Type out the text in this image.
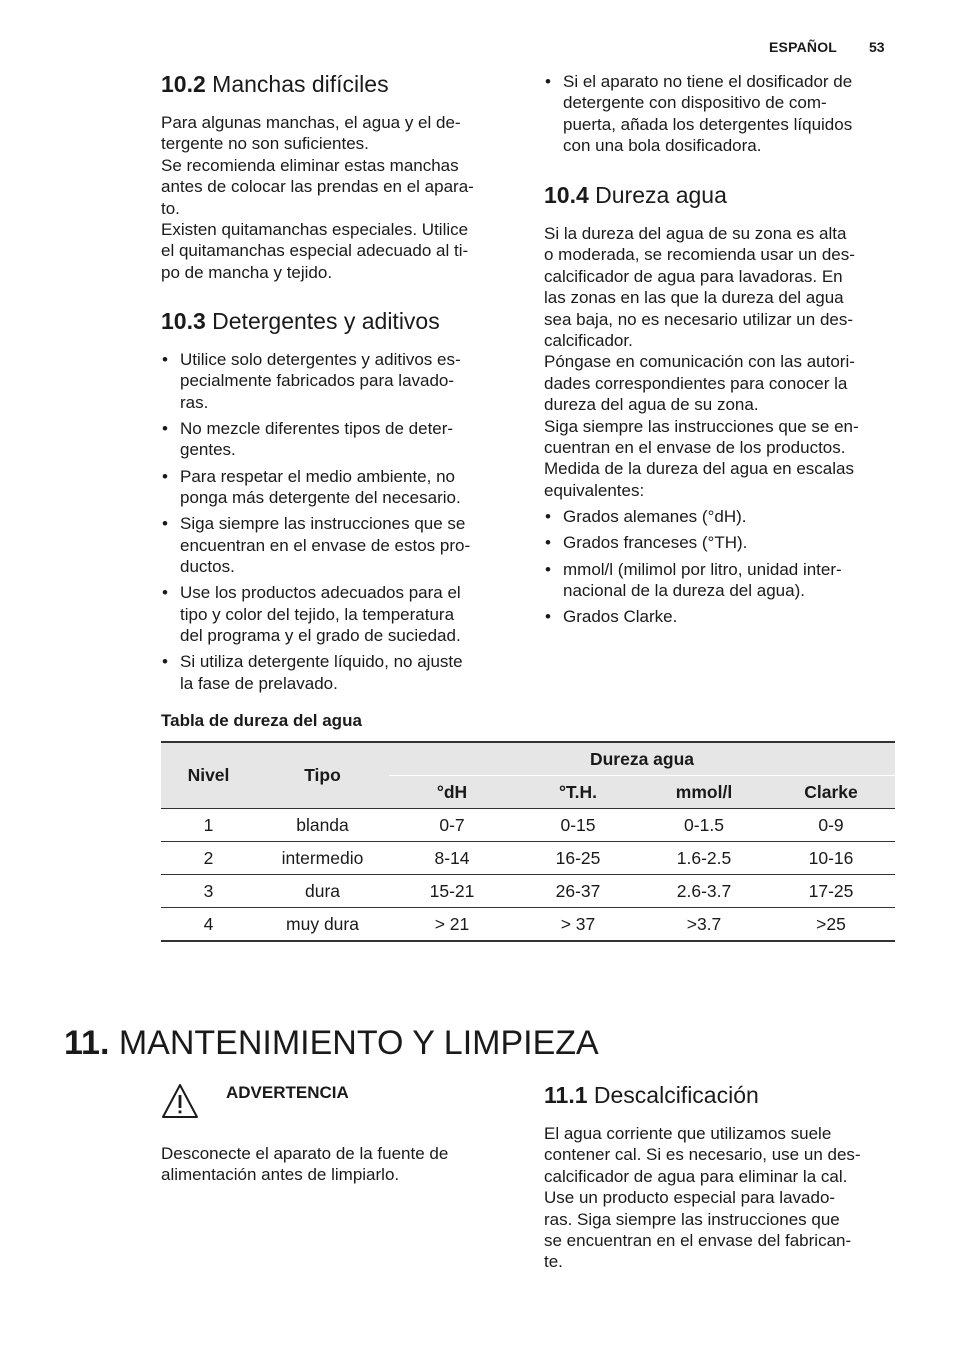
ESPAÑOL 53
10.2 Manchas difíciles

Para algunas manchas, el agua y el de-
tergente no son suficientes.
Se recomienda eliminar estas manchas
antes de colocar las prendas en el apara-
to.
Existen quitamanchas especiales. Utilice
el quitamanchas especial adecuado al ti-
po de mancha y tejido.

10.3 Detergentes y aditivos
• Utilice solo detergentes y aditivos es-
pecialmente fabricados para lavado-
ras.
• No mezcle diferentes tipos de deter-
gentes.
• Para respetar el medio ambiente, no
ponga más detergente del necesario.
• Siga siempre las instrucciones que se
encuentran en el envase de estos pro-
ductos.
• Use los productos adecuados para el
tipo y color del tejido, la temperatura
del programa y el grado de suciedad.
• Si utiliza detergente líquido, no ajuste
la fase de prelavado.
• Si el aparato no tiene el dosificador de
detergente con dispositivo de com-
puerta, añada los detergentes líquidos
con una bola dosificadora.
10.4 Dureza agua

Si la dureza del agua de su zona es alta
o moderada, se recomienda usar un des-
calcificador de agua para lavadoras. En
las zonas en las que la dureza del agua
sea baja, no es necesario utilizar un des-
calcificador.
Póngase en comunicación con las autori-
dades correspondientes para conocer la
dureza del agua de su zona.
Siga siempre las instrucciones que se en-
cuentran en el envase de los productos.
Medida de la dureza del agua en escalas
equivalentes:

• Grados alemanes (°dH).
• Grados franceses (°TH).
• mmol/l (milimol por litro, unidad inter-
nacional de la dureza del agua).
• Grados Clarke.
Tabla de dureza del agua
Nivel	Tipo	Dureza agua			
		°dH	°T.H.	mmol/l	Clarke
1	blanda	0-7	0-15	0-1.5	0-9
2	intermedio	8-14	16-25	1.6-2.5	10-16
3	dura	15-21	26-37	2.6-3.7	17-25
4	muy dura	> 21	> 37	>3.7	>25
11. MANTENIMIENTO Y LIMPIEZA
ADVERTENCIA

Desconecte el aparato de la fuente de
alimentación antes de limpiarlo.

11.1 Descalcificación

El agua corriente que utilizamos suele
contener cal. Si es necesario, use un des-
calcificador de agua para eliminar la cal.
Use un producto especial para lavado-
ras. Siga siempre las instrucciones que
se encuentran en el envase del fabrican-
te.
